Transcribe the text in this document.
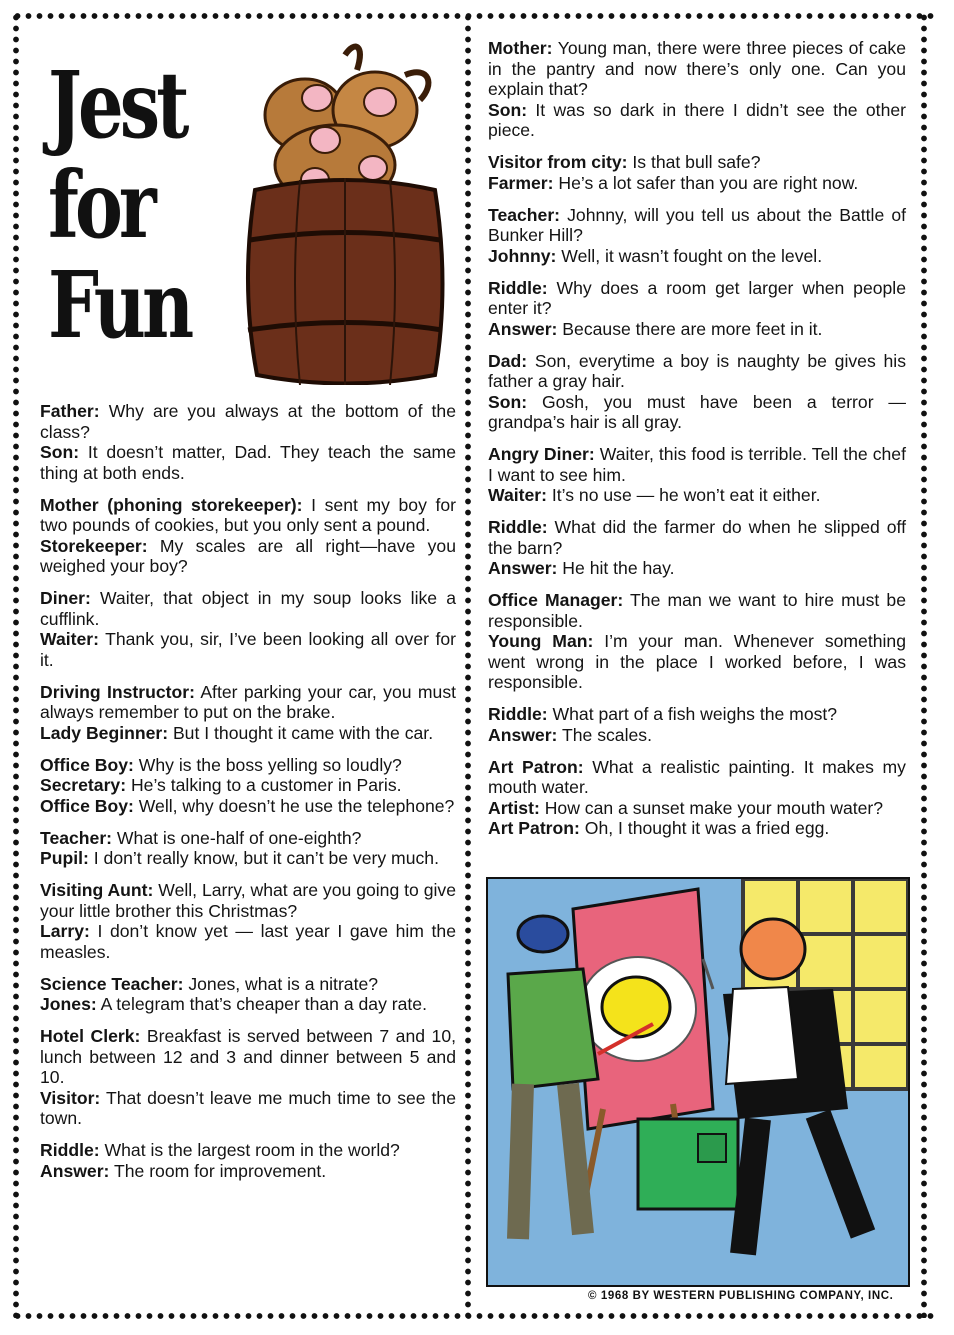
Jest
for
Fun
Father: Why are you always at the bottom of the class?
Son: It doesn’t matter, Dad. They teach the same thing at both ends.
Mother (phoning storekeeper): I sent my boy for two pounds of cookies, but you only sent a pound.
Storekeeper: My scales are all right—have you weighed your boy?
Diner: Waiter, that object in my soup looks like a cufflink.
Waiter: Thank you, sir, I’ve been looking all over for it.
Driving Instructor: After parking your car, you must always remember to put on the brake.
Lady Beginner: But I thought it came with the car.
Office Boy: Why is the boss yelling so loudly?
Secretary: He’s talking to a customer in Paris.
Office Boy: Well, why doesn’t he use the telephone?
Teacher: What is one-half of one-eighth?
Pupil: I don’t really know, but it can’t be very much.
Visiting Aunt: Well, Larry, what are you going to give your little brother this Christmas?
Larry: I don’t know yet — last year I gave him the measles.
Science Teacher: Jones, what is a nitrate?
Jones: A telegram that’s cheaper than a day rate.
Hotel Clerk: Breakfast is served between 7 and 10, lunch between 12 and 3 and dinner between 5 and 10.
Visitor: That doesn’t leave me much time to see the town.
Riddle: What is the largest room in the world?
Answer: The room for improvement.
Mother: Young man, there were three pieces of cake in the pantry and now there’s only one. Can you explain that?
Son: It was so dark in there I didn’t see the other piece.
Visitor from city: Is that bull safe?
Farmer: He’s a lot safer than you are right now.
Teacher: Johnny, will you tell us about the Battle of Bunker Hill?
Johnny: Well, it wasn’t fought on the level.
Riddle: Why does a room get larger when people enter it?
Answer: Because there are more feet in it.
Dad: Son, everytime a boy is naughty be gives his father a gray hair.
Son: Gosh, you must have been a terror — grandpa’s hair is all gray.
Angry Diner: Waiter, this food is terrible. Tell the chef I want to see him.
Waiter: It’s no use — he won’t eat it either.
Riddle: What did the farmer do when he slipped off the barn?
Answer: He hit the hay.
Office Manager: The man we want to hire must be responsible.
Young Man: I’m your man. Whenever something went wrong in the place I worked before, I was responsible.
Riddle: What part of a fish weighs the most?
Answer: The scales.
Art Patron: What a realistic painting. It makes my mouth water.
Artist: How can a sunset make your mouth water?
Art Patron: Oh, I thought it was a fried egg.
© 1968 BY WESTERN PUBLISHING COMPANY, INC.
